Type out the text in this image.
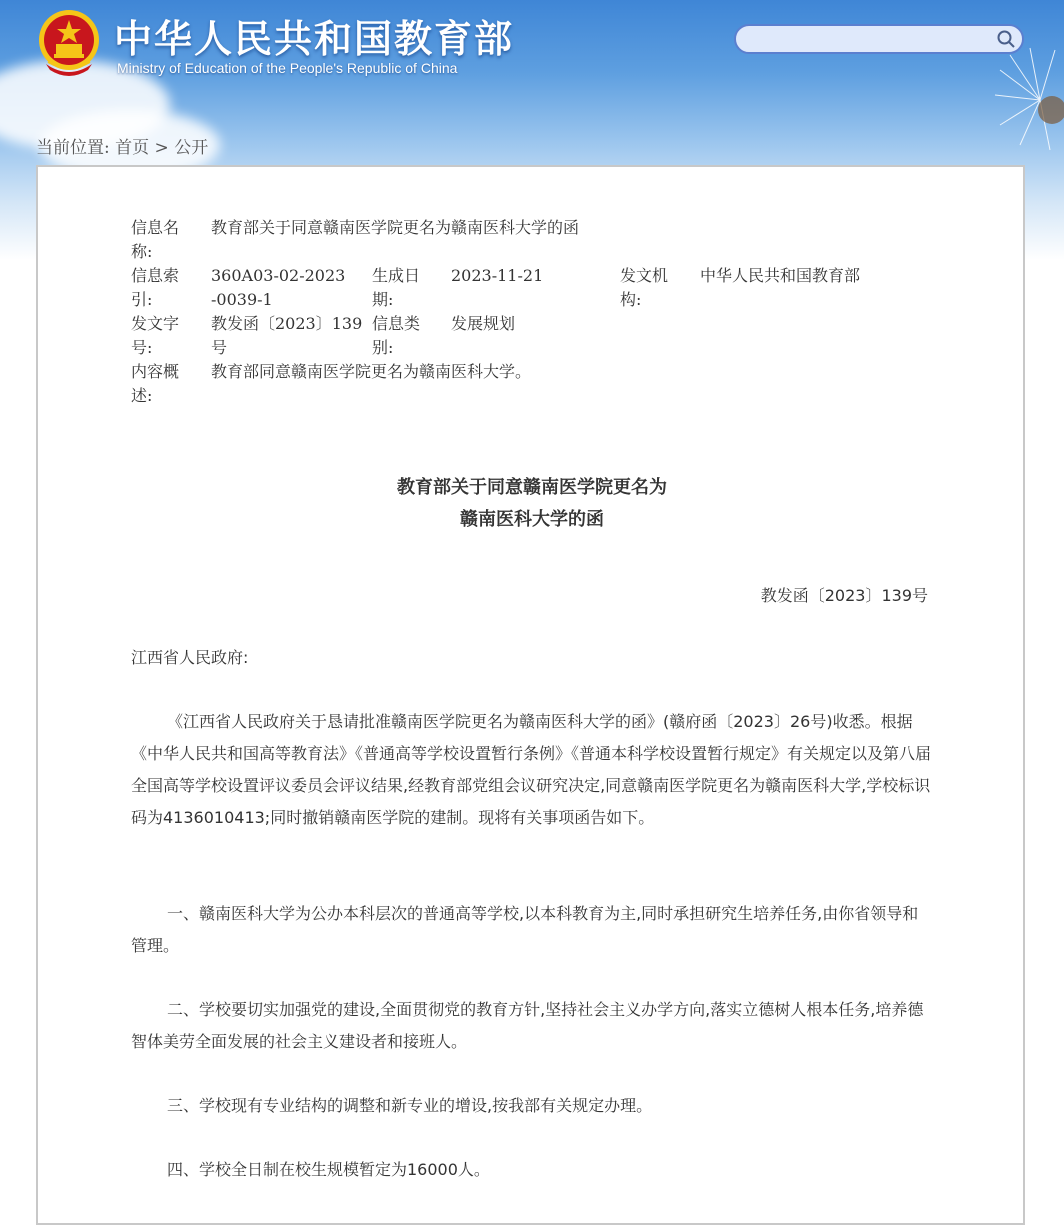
中华人民共和国教育部
Ministry of Education of the People's Republic of China
当前位置: 首页 > 公开
信息名称:
教育部关于同意赣南医学院更名为赣南医科大学的函
信息索引:
360A03-02-2023-0039-1
生成日期:
2023-11-21	发文机构:
中华人民共和国教育部
发文字号:
教发函〔2023〕139号
信息类别:
发展规划
内容概述:
教育部同意赣南医学院更名为赣南医科大学。
教育部关于同意赣南医学院更名为
赣南医科大学的函
教发函〔2023〕139号

江西省人民政府:

《江西省人民政府关于恳请批准赣南医学院更名为赣南医科大学的函》(赣府函〔2023〕26号)收悉。根据《中华人民共和国高等教育法》《普通高等学校设置暂行条例》《普通本科学校设置暂行规定》有关规定以及第八届全国高等学校设置评议委员会评议结果,经教育部党组会议研究决定,同意赣南医学院更名为赣南医科大学,学校标识码为4136010413;同时撤销赣南医学院的建制。现将有关事项函告如下。

一、赣南医科大学为公办本科层次的普通高等学校,以本科教育为主,同时承担研究生培养任务,由你省领导和管理。

二、学校要切实加强党的建设,全面贯彻党的教育方针,坚持社会主义办学方向,落实立德树人根本任务,培养德智体美劳全面发展的社会主义建设者和接班人。

三、学校现有专业结构的调整和新专业的增设,按我部有关规定办理。

四、学校全日制在校生规模暂定为16000人。
